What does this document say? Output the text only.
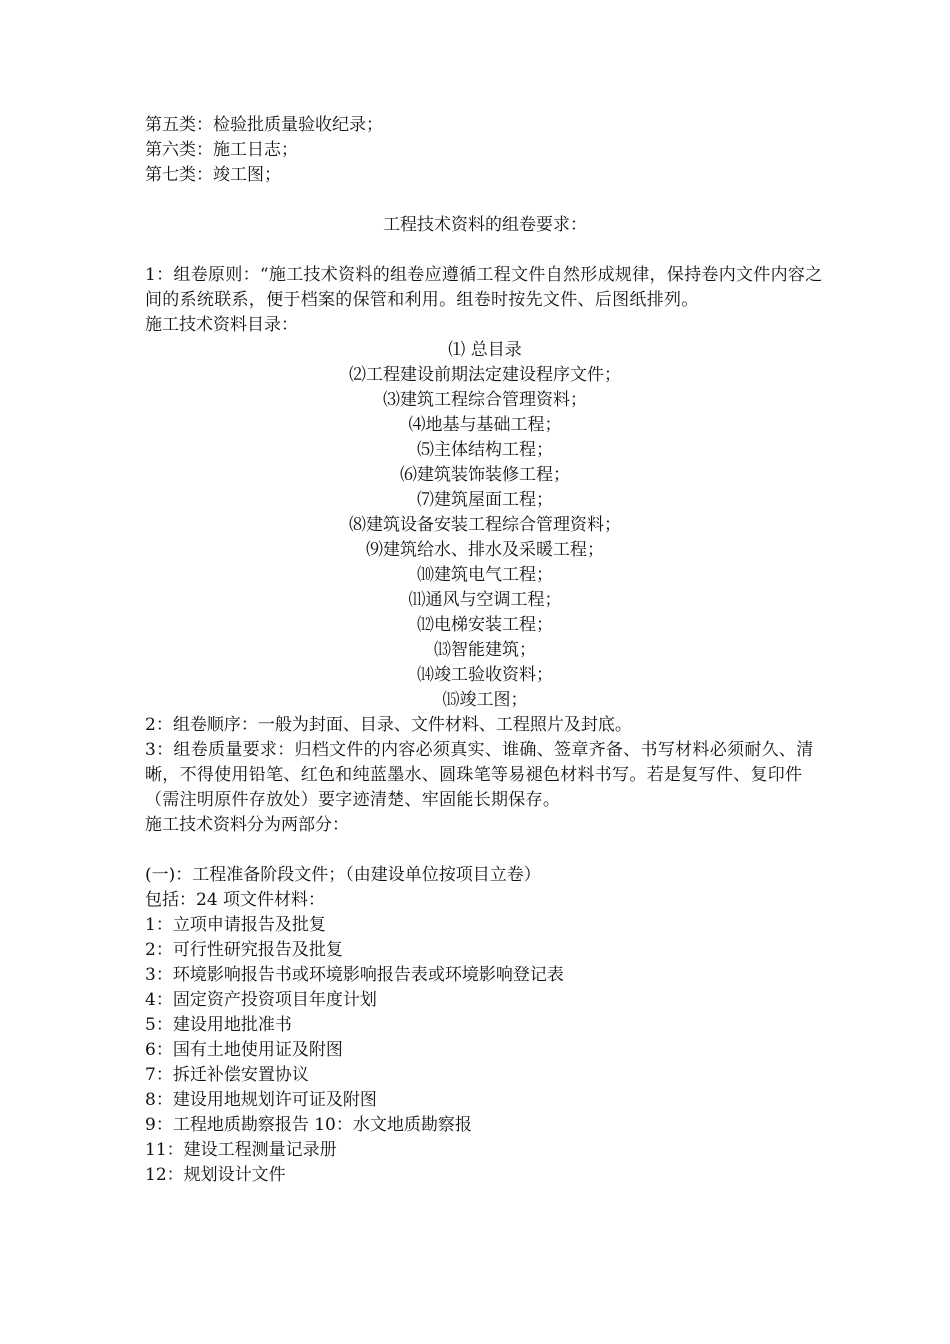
第五类：检验批质量验收纪录；
第六类：施工日志；
第七类：竣工图；
工程技术资料的组卷要求：
1：组卷原则：“施工技术资料的组卷应遵循工程文件自然形成规律，保持卷内文件内容之间的系统联系，便于档案的保管和利用。组卷时按先文件、后图纸排列。
施工技术资料目录：
⑴ 总目录
⑵工程建设前期法定建设程序文件；
⑶建筑工程综合管理资料；
⑷地基与基础工程；
⑸主体结构工程；
⑹建筑装饰装修工程；
⑺建筑屋面工程；
⑻建筑设备安装工程综合管理资料；
⑼建筑给水、排水及采暖工程；
⑽建筑电气工程；
⑾通风与空调工程；
⑿电梯安装工程；
⒀智能建筑；
⒁竣工验收资料；
⒂竣工图；
2：组卷顺序：一般为封面、目录、文件材料、工程照片及封底。
3：组卷质量要求：归档文件的内容必须真实、谁确、签章齐备、书写材料必须耐久、清晰，不得使用铅笔、红色和纯蓝墨水、圆珠笔等易褪色材料书写。若是复写件、复印件（需注明原件存放处）要字迹清楚、牢固能长期保存。
施工技术资料分为两部分：
(一)：工程准备阶段文件；（由建设单位按项目立卷）
包括：24 项文件材料：
1：立项申请报告及批复
2：可行性研究报告及批复
3：环境影响报告书或环境影响报告表或环境影响登记表
4：固定资产投资项目年度计划
5：建设用地批准书
6：国有土地使用证及附图
7：拆迁补偿安置协议
8：建设用地规划许可证及附图
9：工程地质勘察报告 10：水文地质勘察报
11：建设工程测量记录册
12：规划设计文件
